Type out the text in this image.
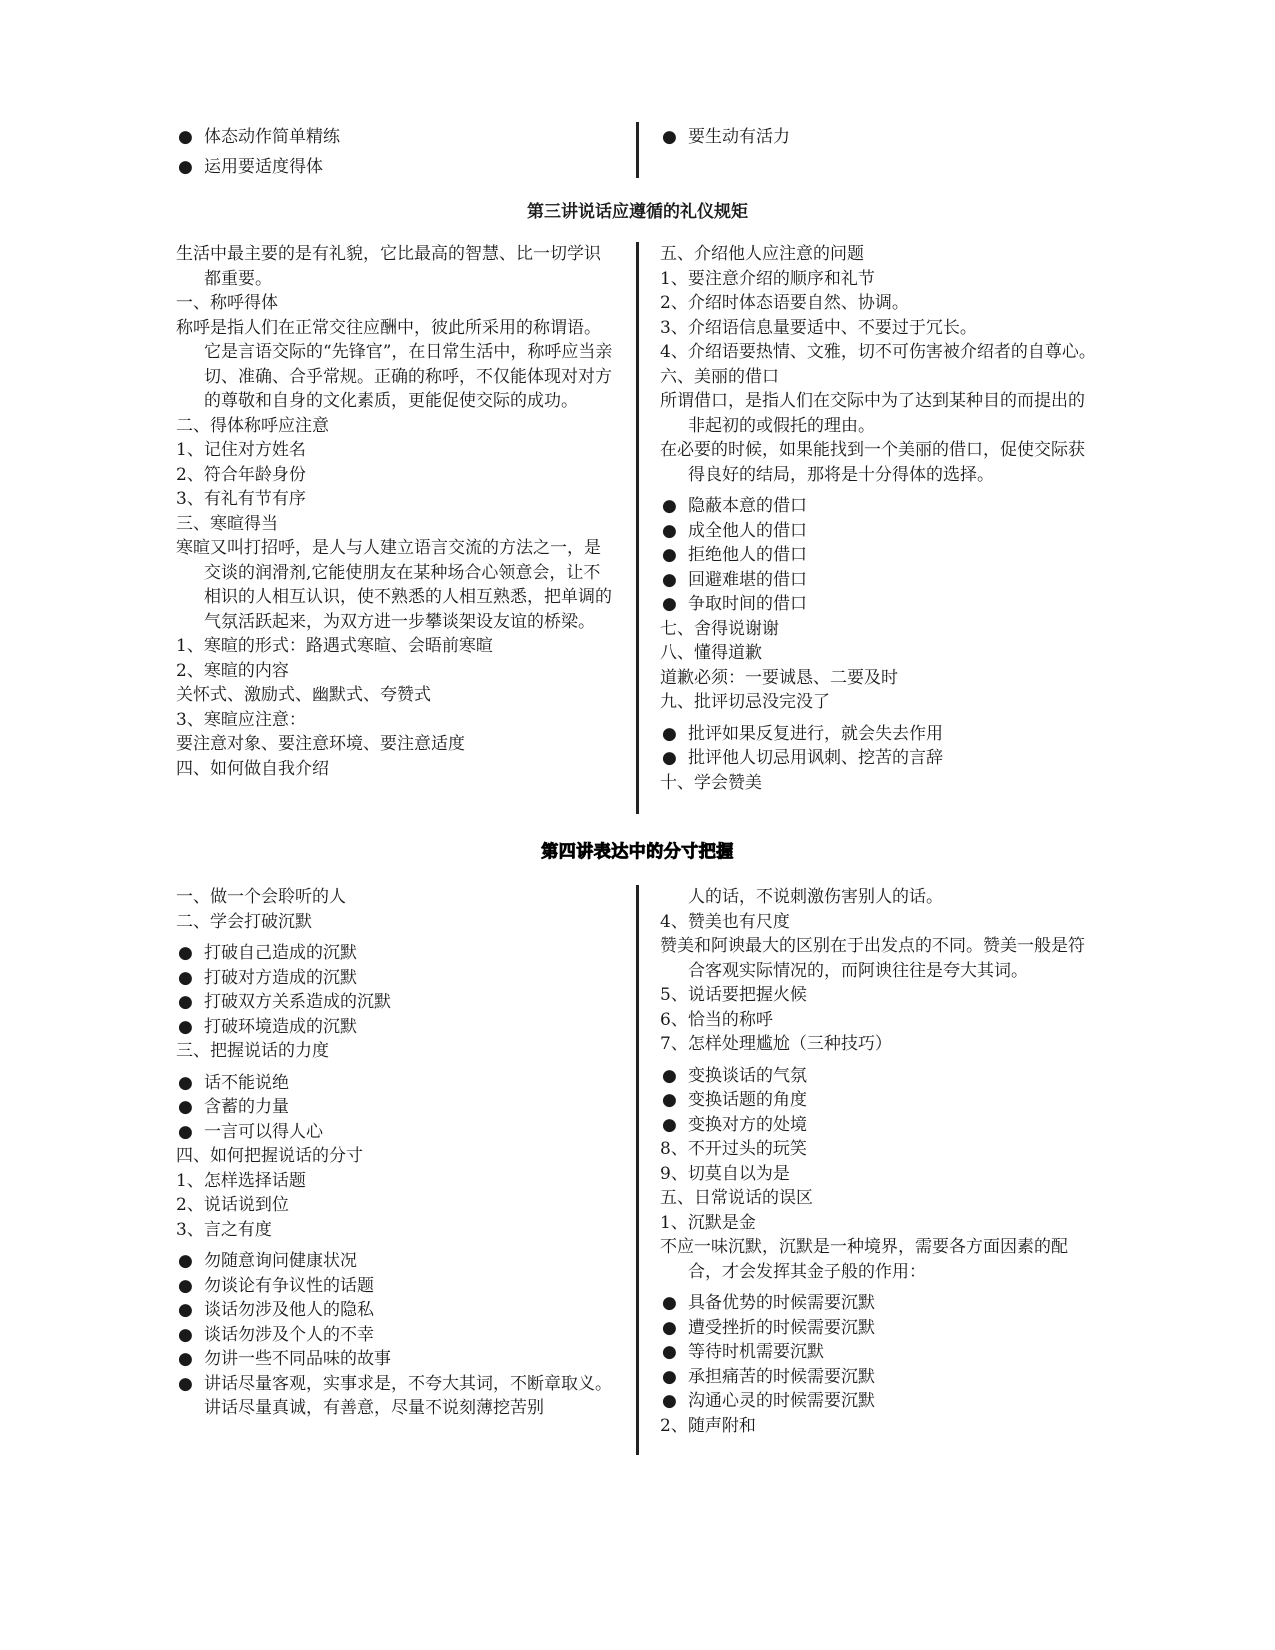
● 体态动作简单精练
● 运用要适度得体
● 要生动有活力
第三讲说话应遵循的礼仪规矩

生活中最主要的是有礼貌，它比最高的智慧、比一切学识都重要。

一、称呼得体

称呼是指人们在正常交往应酬中，彼此所采用的称谓语。它是言语交际的“先锋官”，在日常生活中，称呼应当亲切、准确、合乎常规。正确的称呼，不仅能体现对对方的尊敬和自身的文化素质，更能促使交际的成功。

二、得体称呼应注意

1、记住对方姓名

2、符合年龄身份

3、有礼有节有序

三、寒暄得当

寒暄又叫打招呼，是人与人建立语言交流的方法之一，是交谈的润滑剂,它能使朋友在某种场合心领意会，让不相识的人相互认识，使不熟悉的人相互熟悉，把单调的气氛活跃起来，为双方进一步攀谈架设友谊的桥梁。

1、寒暄的形式：路遇式寒暄、会晤前寒暄

2、寒暄的内容

关怀式、激励式、幽默式、夸赞式

3、寒暄应注意：

要注意对象、要注意环境、要注意适度

四、如何做自我介绍

五、介绍他人应注意的问题

1、要注意介绍的顺序和礼节

2、介绍时体态语要自然、协调。

3、介绍语信息量要适中、不要过于冗长。

4、介绍语要热情、文雅，切不可伤害被介绍者的自尊心。

六、美丽的借口

所谓借口，是指人们在交际中为了达到某种目的而提出的非起初的或假托的理由。

在必要的时候，如果能找到一个美丽的借口，促使交际获得良好的结局，那将是十分得体的选择。

● 隐蔽本意的借口
● 成全他人的借口
● 拒绝他人的借口
● 回避难堪的借口
● 争取时间的借口

七、舍得说谢谢

八、懂得道歉

道歉必须：一要诚恳、二要及时

九、批评切忌没完没了

● 批评如果反复进行，就会失去作用
● 批评他人切忌用讽刺、挖苦的言辞

十、学会赞美

第四讲表达中的分寸把握

一、做一个会聆听的人

二、学会打破沉默

● 打破自己造成的沉默
● 打破对方造成的沉默
● 打破双方关系造成的沉默
● 打破环境造成的沉默

三、把握说话的力度

● 话不能说绝
● 含蓄的力量
● 一言可以得人心

四、如何把握说话的分寸

1、怎样选择话题

2、说话说到位

3、言之有度

● 勿随意询问健康状况
● 勿谈论有争议性的话题
● 谈话勿涉及他人的隐私
● 谈话勿涉及个人的不幸
● 勿讲一些不同品味的故事
● 讲话尽量客观，实事求是，不夸大其词，不断章取义。讲话尽量真诚，有善意，尽量不说刻薄挖苦别

人的话，不说刺激伤害别人的话。

4、赞美也有尺度

赞美和阿谀最大的区别在于出发点的不同。赞美一般是符合客观实际情况的，而阿谀往往是夸大其词。

5、说话要把握火候

6、恰当的称呼

7、怎样处理尴尬（三种技巧）

● 变换谈话的气氛
● 变换话题的角度
● 变换对方的处境

8、不开过头的玩笑

9、切莫自以为是

五、日常说话的误区

1、沉默是金

不应一味沉默，沉默是一种境界，需要各方面因素的配合，才会发挥其金子般的作用：

● 具备优势的时候需要沉默
● 遭受挫折的时候需要沉默
● 等待时机需要沉默
● 承担痛苦的时候需要沉默
● 沟通心灵的时候需要沉默

2、随声附和
